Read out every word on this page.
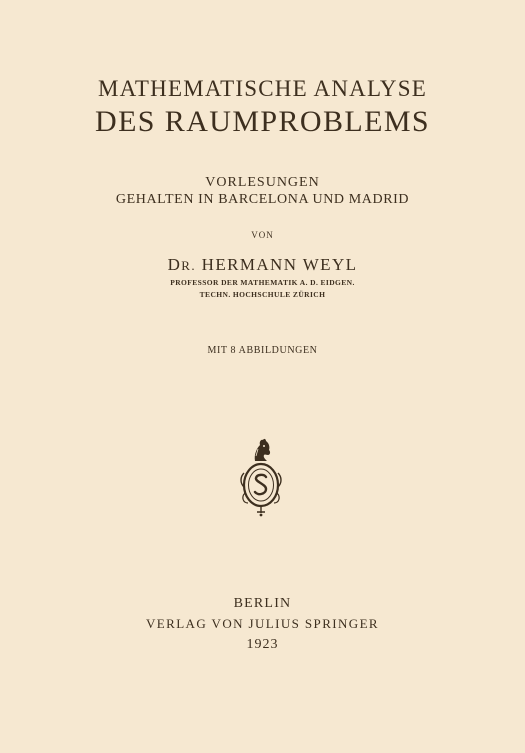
MATHEMATISCHE ANALYSE
DES RAUMPROBLEMS
VORLESUNGEN
GEHALTEN IN BARCELONA UND MADRID
VON
DR. HERMANN WEYL
PROFESSOR DER MATHEMATIK A. D. EIDGEN.
TECHN. HOCHSCHULE ZÜRICH
MIT 8 ABBILDUNGEN
BERLIN
VERLAG VON JULIUS SPRINGER
1923
